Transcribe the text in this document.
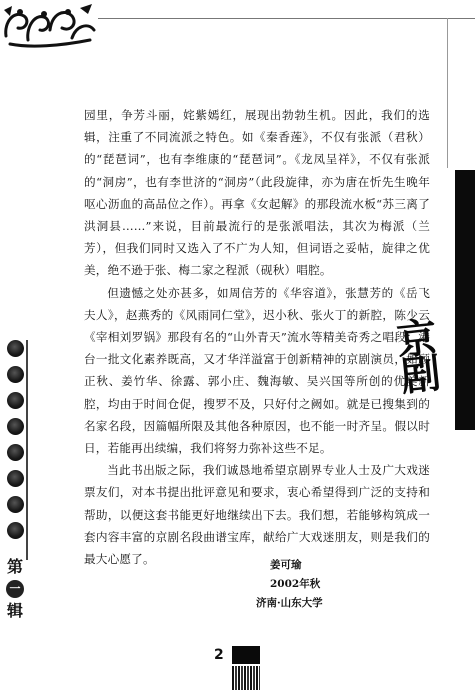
园里，争芳斗丽，姹紫嫣红，展现出勃勃生机。因此，我们的选辑，注重了不同流派之特色。如《秦香莲》，不仅有张派（君秋）的“琵琶词”，也有李维康的“琵琶词”。《龙凤呈祥》，不仅有张派的“洞房”，也有李世济的“洞房”（此段旋律，亦为唐在忻先生晚年呕心沥血的高品位之作）。再拿《女起解》的那段流水板“苏三离了洪洞县……”来说，目前最流行的是张派唱法，其次为梅派（兰芳），但我们同时又选入了不广为人知，但词语之妥帖，旋律之优美，绝不逊于张、梅二家之程派（砚秋）唱腔。

但遗憾之处亦甚多，如周信芳的《华容道》，张慧芳的《岳飞夫人》，赵燕秀的《风雨同仁堂》，迟小秋、张火丁的新腔，陈少云《宰相刘罗锅》那段有名的“山外青天”流水等精美奇秀之唱段；港台一批文化素养既高，又才华洋溢富于创新精神的京剧演员，如顾正秋、姜竹华、徐露、郭小庄、魏海敏、吴兴国等所创的优美新腔，均由于时间仓促，搜罗不及，只好付之阙如。就是已搜集到的名家名段，因篇幅所限及其他各种原因，也不能一时齐呈。假以时日，若能再出续编，我们将努力弥补这些不足。

当此书出版之际，我们诚恳地希望京剧界专业人士及广大戏迷票友们，对本书提出批评意见和要求，衷心希望得到广泛的支持和帮助，以便这套书能更好地继续出下去。我们想，若能够构筑成一套内容丰富的京剧名段曲谱宝库，献给广大戏迷朋友，则是我们的最大心愿了。	姜可瑜
2002年秋
济南·山东大学
第
一
辑
京剧
2
